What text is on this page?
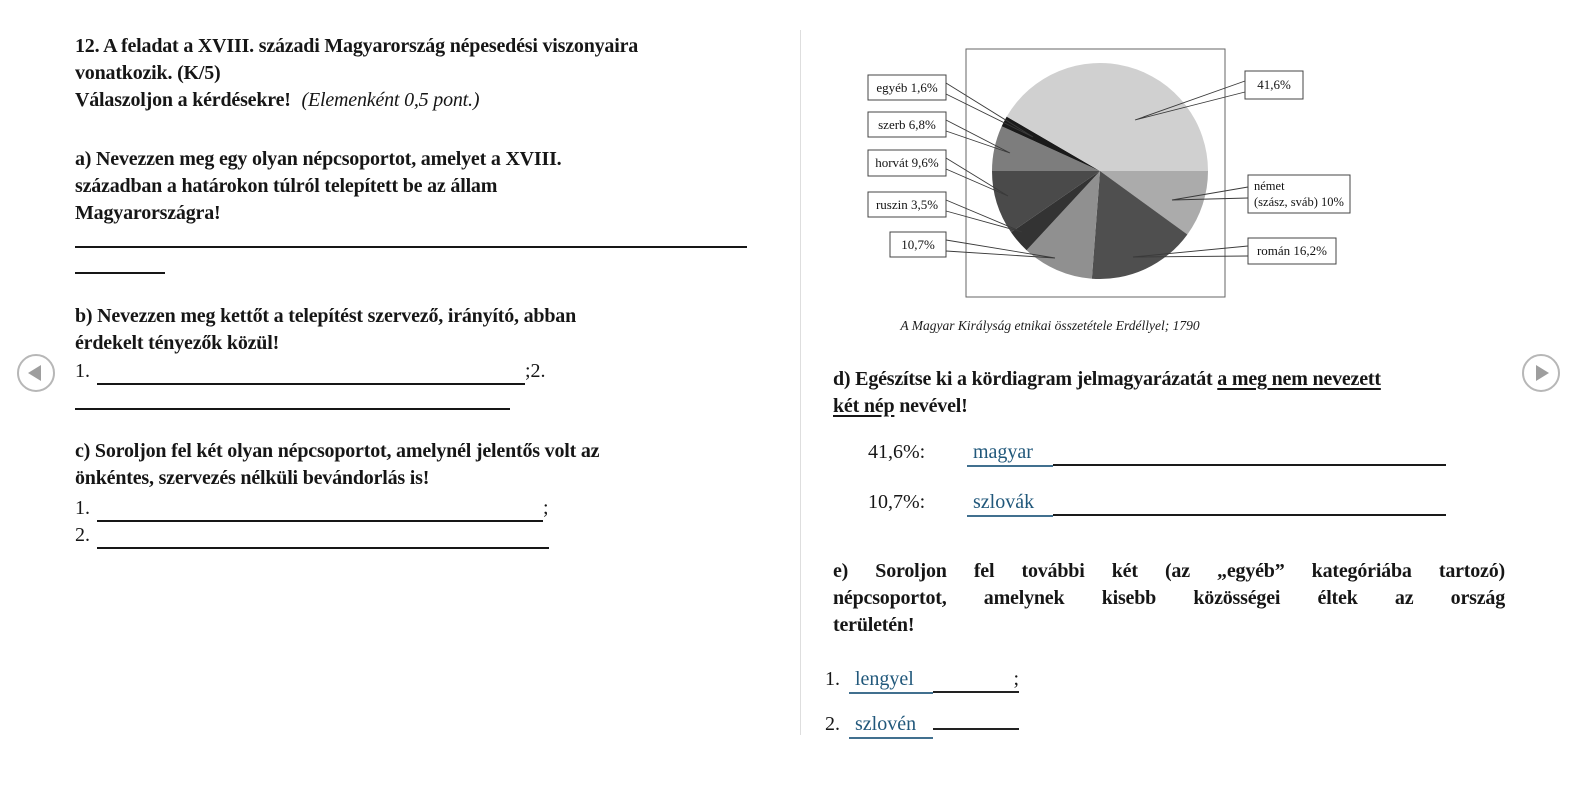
12. A feladat a XVIII. századi Magyarország népesedési viszonyaira
vonatkozik. (K/5)
Válaszoljon a kérdésekre! (Elemenként 0,5 pont.)
a) Nevezzen meg egy olyan népcsoportot, amelyet a XVIII.
században a határokon túlról telepített be az állam
Magyarországra!
b) Nevezzen meg kettőt a telepítést szervező, irányító, abban
érdekelt tényezők közül!
1.	;2.
c) Soroljon fel két olyan népcsoportot, amelynél jelentős volt az
önkéntes, szervezés nélküli bevándorlás is!
1.	;
2.
egyéb 1,6%
szerb 6,8%
horvát 9,6%
ruszin 3,5%
10,7%
41,6%
német
(szász, sváb) 10%
román 16,2%
A Magyar Királyság etnikai összetétele Erdéllyel; 1790
d) Egészítse ki a kördiagram jelmagyarázatát a meg nem nevezett
két nép nevével!
41,6%:	magyar
10,7%:	szlovák
e) Soroljon fel további két (az „egyéb” kategóriába tartozó)
népcsoportot, amelynek kisebb közösségei éltek az ország
területén!
1. lengyel	;
2. szlovén
